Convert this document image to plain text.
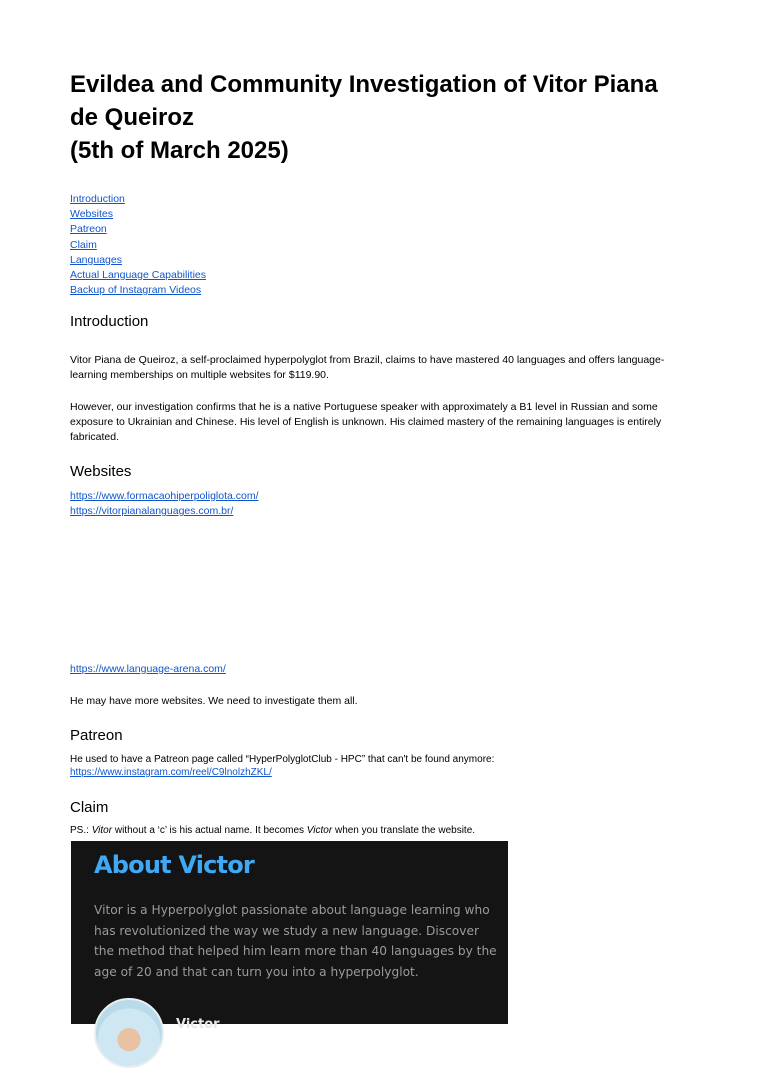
Evildea and Community Investigation of Vitor Piana
de Queiroz
(5th of March 2025)
Introduction
Websites
Patreon
Claim
Languages
Actual Language Capabilities
Backup of Instagram Videos
Introduction

Vitor Piana de Queiroz, a self-proclaimed hyperpolyglot from Brazil, claims to have mastered 40 languages and offers language-learning memberships on multiple websites for $119.90.

However, our investigation confirms that he is a native Portuguese speaker with approximately a B1 level in Russian and some exposure to Ukrainian and Chinese. His level of English is unknown. His claimed mastery of the remaining languages is entirely fabricated.

Websites
https://www.formacaohiperpoliglota.com/
https://vitorpianalanguages.com.br/
https://www.language-arena.com/

He may have more websites. We need to investigate them all.

Patreon

He used to have a Patreon page called “HyperPolyglotClub - HPC” that can't be found anymore:

https://www.instagram.com/reel/C9lnolzhZKL/
Claim

PS.: Vitor without a ‘c’ is his actual name. It becomes Victor when you translate the website.

About Victor

Vitor is a Hyperpolyglot passionate about language learning who has revolutionized the way we study a new language. Discover the method that helped him learn more than 40 languages by the age of 20 and that can turn you into a hyperpolyglot.

Victor
